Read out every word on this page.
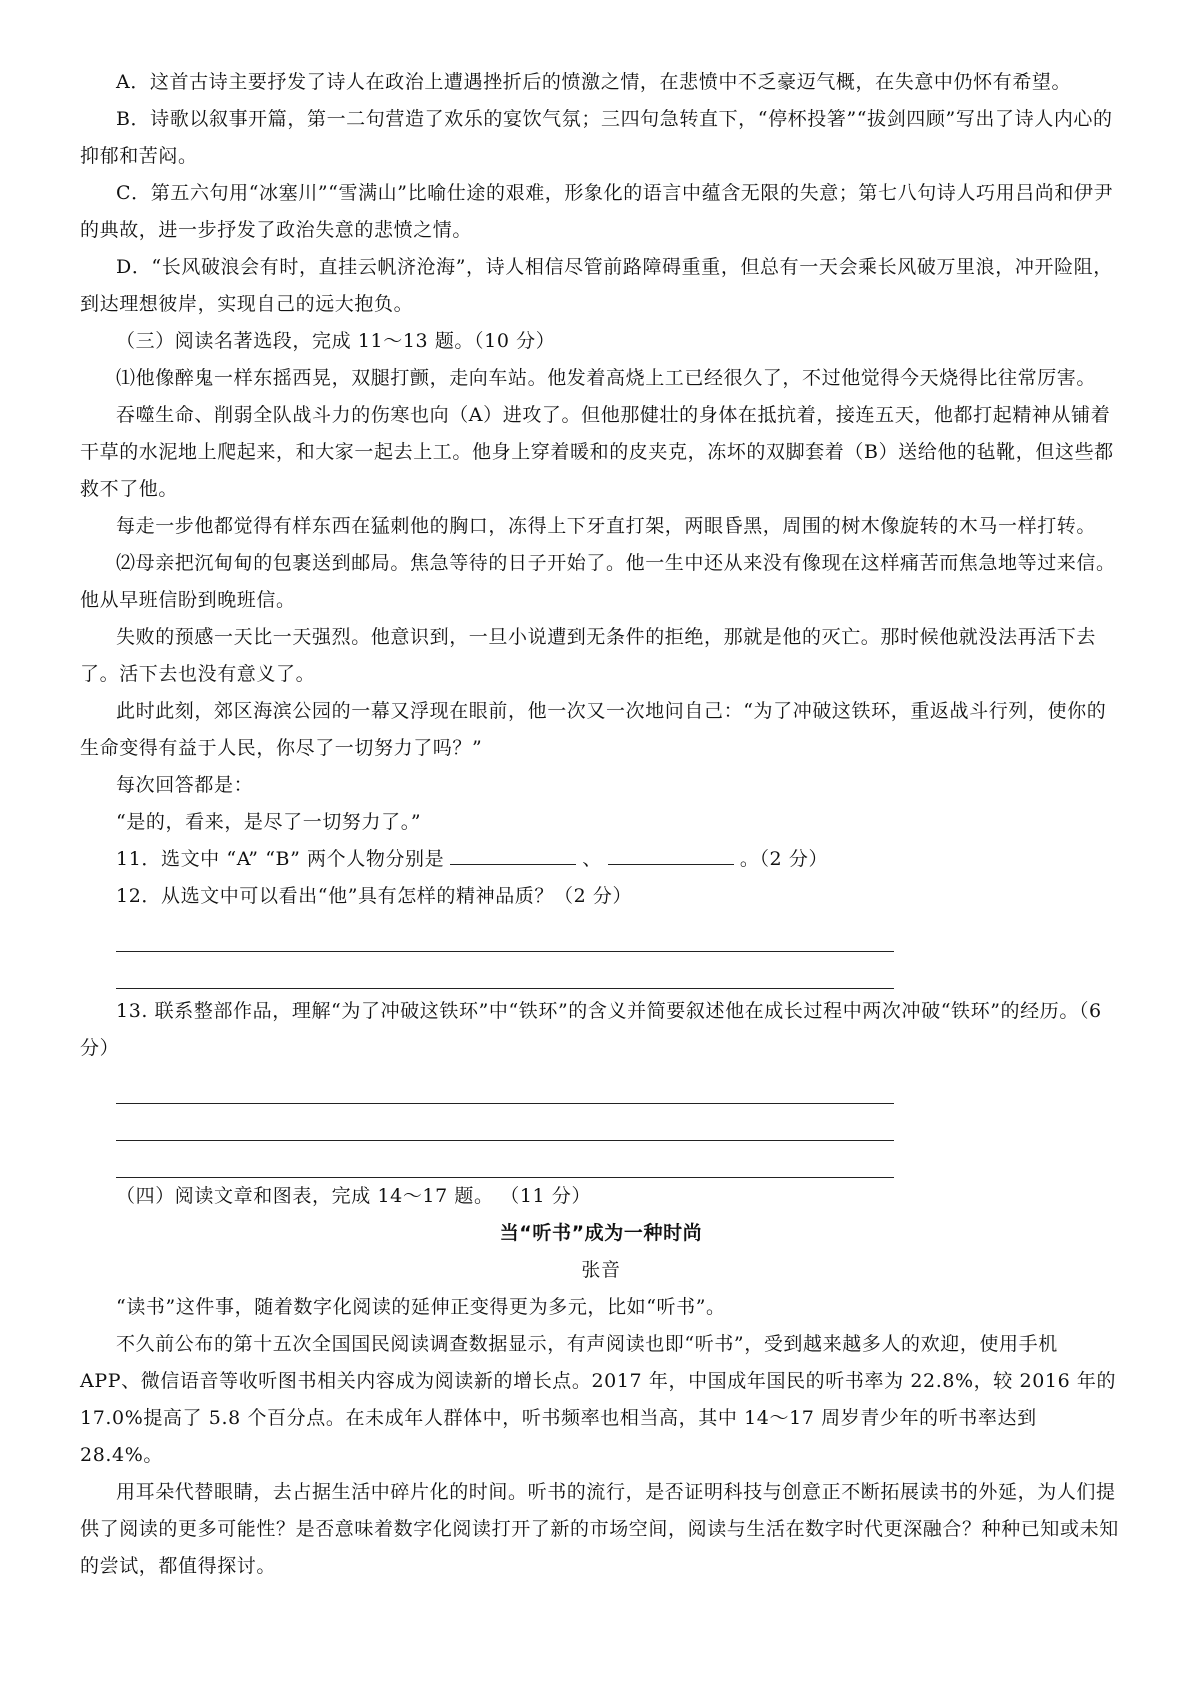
A．这首古诗主要抒发了诗人在政治上遭遇挫折后的愤激之情，在悲愤中不乏豪迈气概，在失意中仍怀有希望。

B．诗歌以叙事开篇，第一二句营造了欢乐的宴饮气氛；三四句急转直下，“停杯投箸”“拔剑四顾”写出了诗人内心的抑郁和苦闷。

C．第五六句用“冰塞川”“雪满山”比喻仕途的艰难，形象化的语言中蕴含无限的失意；第七八句诗人巧用吕尚和伊尹的典故，进一步抒发了政治失意的悲愤之情。

D．“长风破浪会有时，直挂云帆济沧海”，诗人相信尽管前路障碍重重，但总有一天会乘长风破万里浪，冲开险阻，到达理想彼岸，实现自己的远大抱负。

（三）阅读名著选段，完成 11～13 题。（10 分）

⑴他像醉鬼一样东摇西晃，双腿打颤，走向车站。他发着高烧上工已经很久了，不过他觉得今天烧得比往常厉害。

吞噬生命、削弱全队战斗力的伤寒也向（A）进攻了。但他那健壮的身体在抵抗着，接连五天，他都打起精神从铺着干草的水泥地上爬起来，和大家一起去上工。他身上穿着暖和的皮夹克，冻坏的双脚套着（B）送给他的毡靴，但这些都救不了他。

每走一步他都觉得有样东西在猛刺他的胸口，冻得上下牙直打架，两眼昏黑，周围的树木像旋转的木马一样打转。

⑵母亲把沉甸甸的包裹送到邮局。焦急等待的日子开始了。他一生中还从来没有像现在这样痛苦而焦急地等过来信。他从早班信盼到晚班信。

失败的预感一天比一天强烈。他意识到，一旦小说遭到无条件的拒绝，那就是他的灭亡。那时候他就没法再活下去了。活下去也没有意义了。

此时此刻，郊区海滨公园的一幕又浮现在眼前，他一次又一次地问自己：“为了冲破这铁环，重返战斗行列，使你的生命变得有益于人民，你尽了一切努力了吗？”

每次回答都是：

“是的，看来，是尽了一切努力了。”

11．选文中 “A” “B” 两个人物分别是	、	。（2 分）

12．从选文中可以看出“他”具有怎样的精神品质？（2 分）

13. 联系整部作品，理解“为了冲破这铁环”中“铁环”的含义并简要叙述他在成长过程中两次冲破“铁环”的经历。（6 分）

（四）阅读文章和图表，完成 14～17 题。 （11 分）

当“听书”成为一种时尚

张音

“读书”这件事，随着数字化阅读的延伸正变得更为多元，比如“听书”。

不久前公布的第十五次全国国民阅读调查数据显示，有声阅读也即“听书”，受到越来越多人的欢迎，使用手机 APP、微信语音等收听图书相关内容成为阅读新的增长点。2017 年，中国成年国民的听书率为 22.8%，较 2016 年的 17.0%提高了 5.8 个百分点。在未成年人群体中，听书频率也相当高，其中 14～17 周岁青少年的听书率达到 28.4%。

用耳朵代替眼睛，去占据生活中碎片化的时间。听书的流行，是否证明科技与创意正不断拓展读书的外延，为人们提供了阅读的更多可能性？是否意味着数字化阅读打开了新的市场空间，阅读与生活在数字时代更深融合？种种已知或未知的尝试，都值得探讨。
